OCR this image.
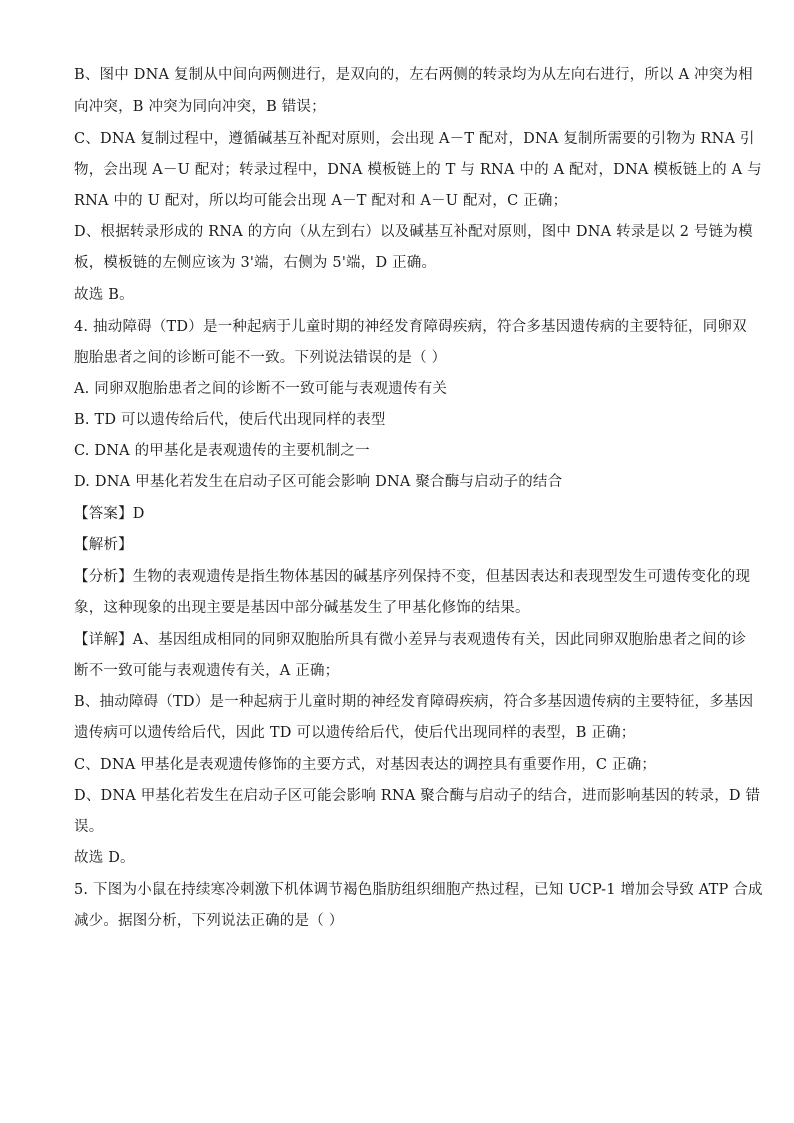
B、图中 DNA 复制从中间向两侧进行，是双向的，左右两侧的转录均为从左向右进行，所以 A 冲突为相
向冲突，B 冲突为同向冲突，B 错误；
C、DNA 复制过程中，遵循碱基互补配对原则，会出现 A－T 配对，DNA 复制所需要的引物为 RNA 引
物，会出现 A－U 配对；转录过程中，DNA 模板链上的 T 与 RNA 中的 A 配对，DNA 模板链上的 A 与
RNA 中的 U 配对，所以均可能会出现 A－T 配对和 A－U 配对，C 正确；
D、根据转录形成的 RNA 的方向（从左到右）以及碱基互补配对原则，图中 DNA 转录是以 2 号链为模
板，模板链的左侧应该为 3'端，右侧为 5'端，D 正确。
故选 B。
4. 抽动障碍（TD）是一种起病于儿童时期的神经发育障碍疾病，符合多基因遗传病的主要特征，同卵双
胞胎患者之间的诊断可能不一致。下列说法错误的是（ ）
A. 同卵双胞胎患者之间的诊断不一致可能与表观遗传有关
B. TD 可以遗传给后代，使后代出现同样的表型
C. DNA 的甲基化是表观遗传的主要机制之一
D. DNA 甲基化若发生在启动子区可能会影响 DNA 聚合酶与启动子的结合
【答案】D
【解析】
【分析】生物的表观遗传是指生物体基因的碱基序列保持不变，但基因表达和表现型发生可遗传变化的现
象，这种现象的出现主要是基因中部分碱基发生了甲基化修饰的结果。
【详解】A、基因组成相同的同卵双胞胎所具有微小差异与表观遗传有关，因此同卵双胞胎患者之间的诊
断不一致可能与表观遗传有关，A 正确；
B、抽动障碍（TD）是一种起病于儿童时期的神经发育障碍疾病，符合多基因遗传病的主要特征，多基因
遗传病可以遗传给后代，因此 TD 可以遗传给后代，使后代出现同样的表型，B 正确；
C、DNA 甲基化是表观遗传修饰的主要方式，对基因表达的调控具有重要作用，C 正确；
D、DNA 甲基化若发生在启动子区可能会影响 RNA 聚合酶与启动子的结合，进而影响基因的转录，D 错
误。
故选 D。
5. 下图为小鼠在持续寒冷刺激下机体调节褐色脂肪组织细胞产热过程，已知 UCP-1 增加会导致 ATP 合成
减少。据图分析，下列说法正确的是（ ）
